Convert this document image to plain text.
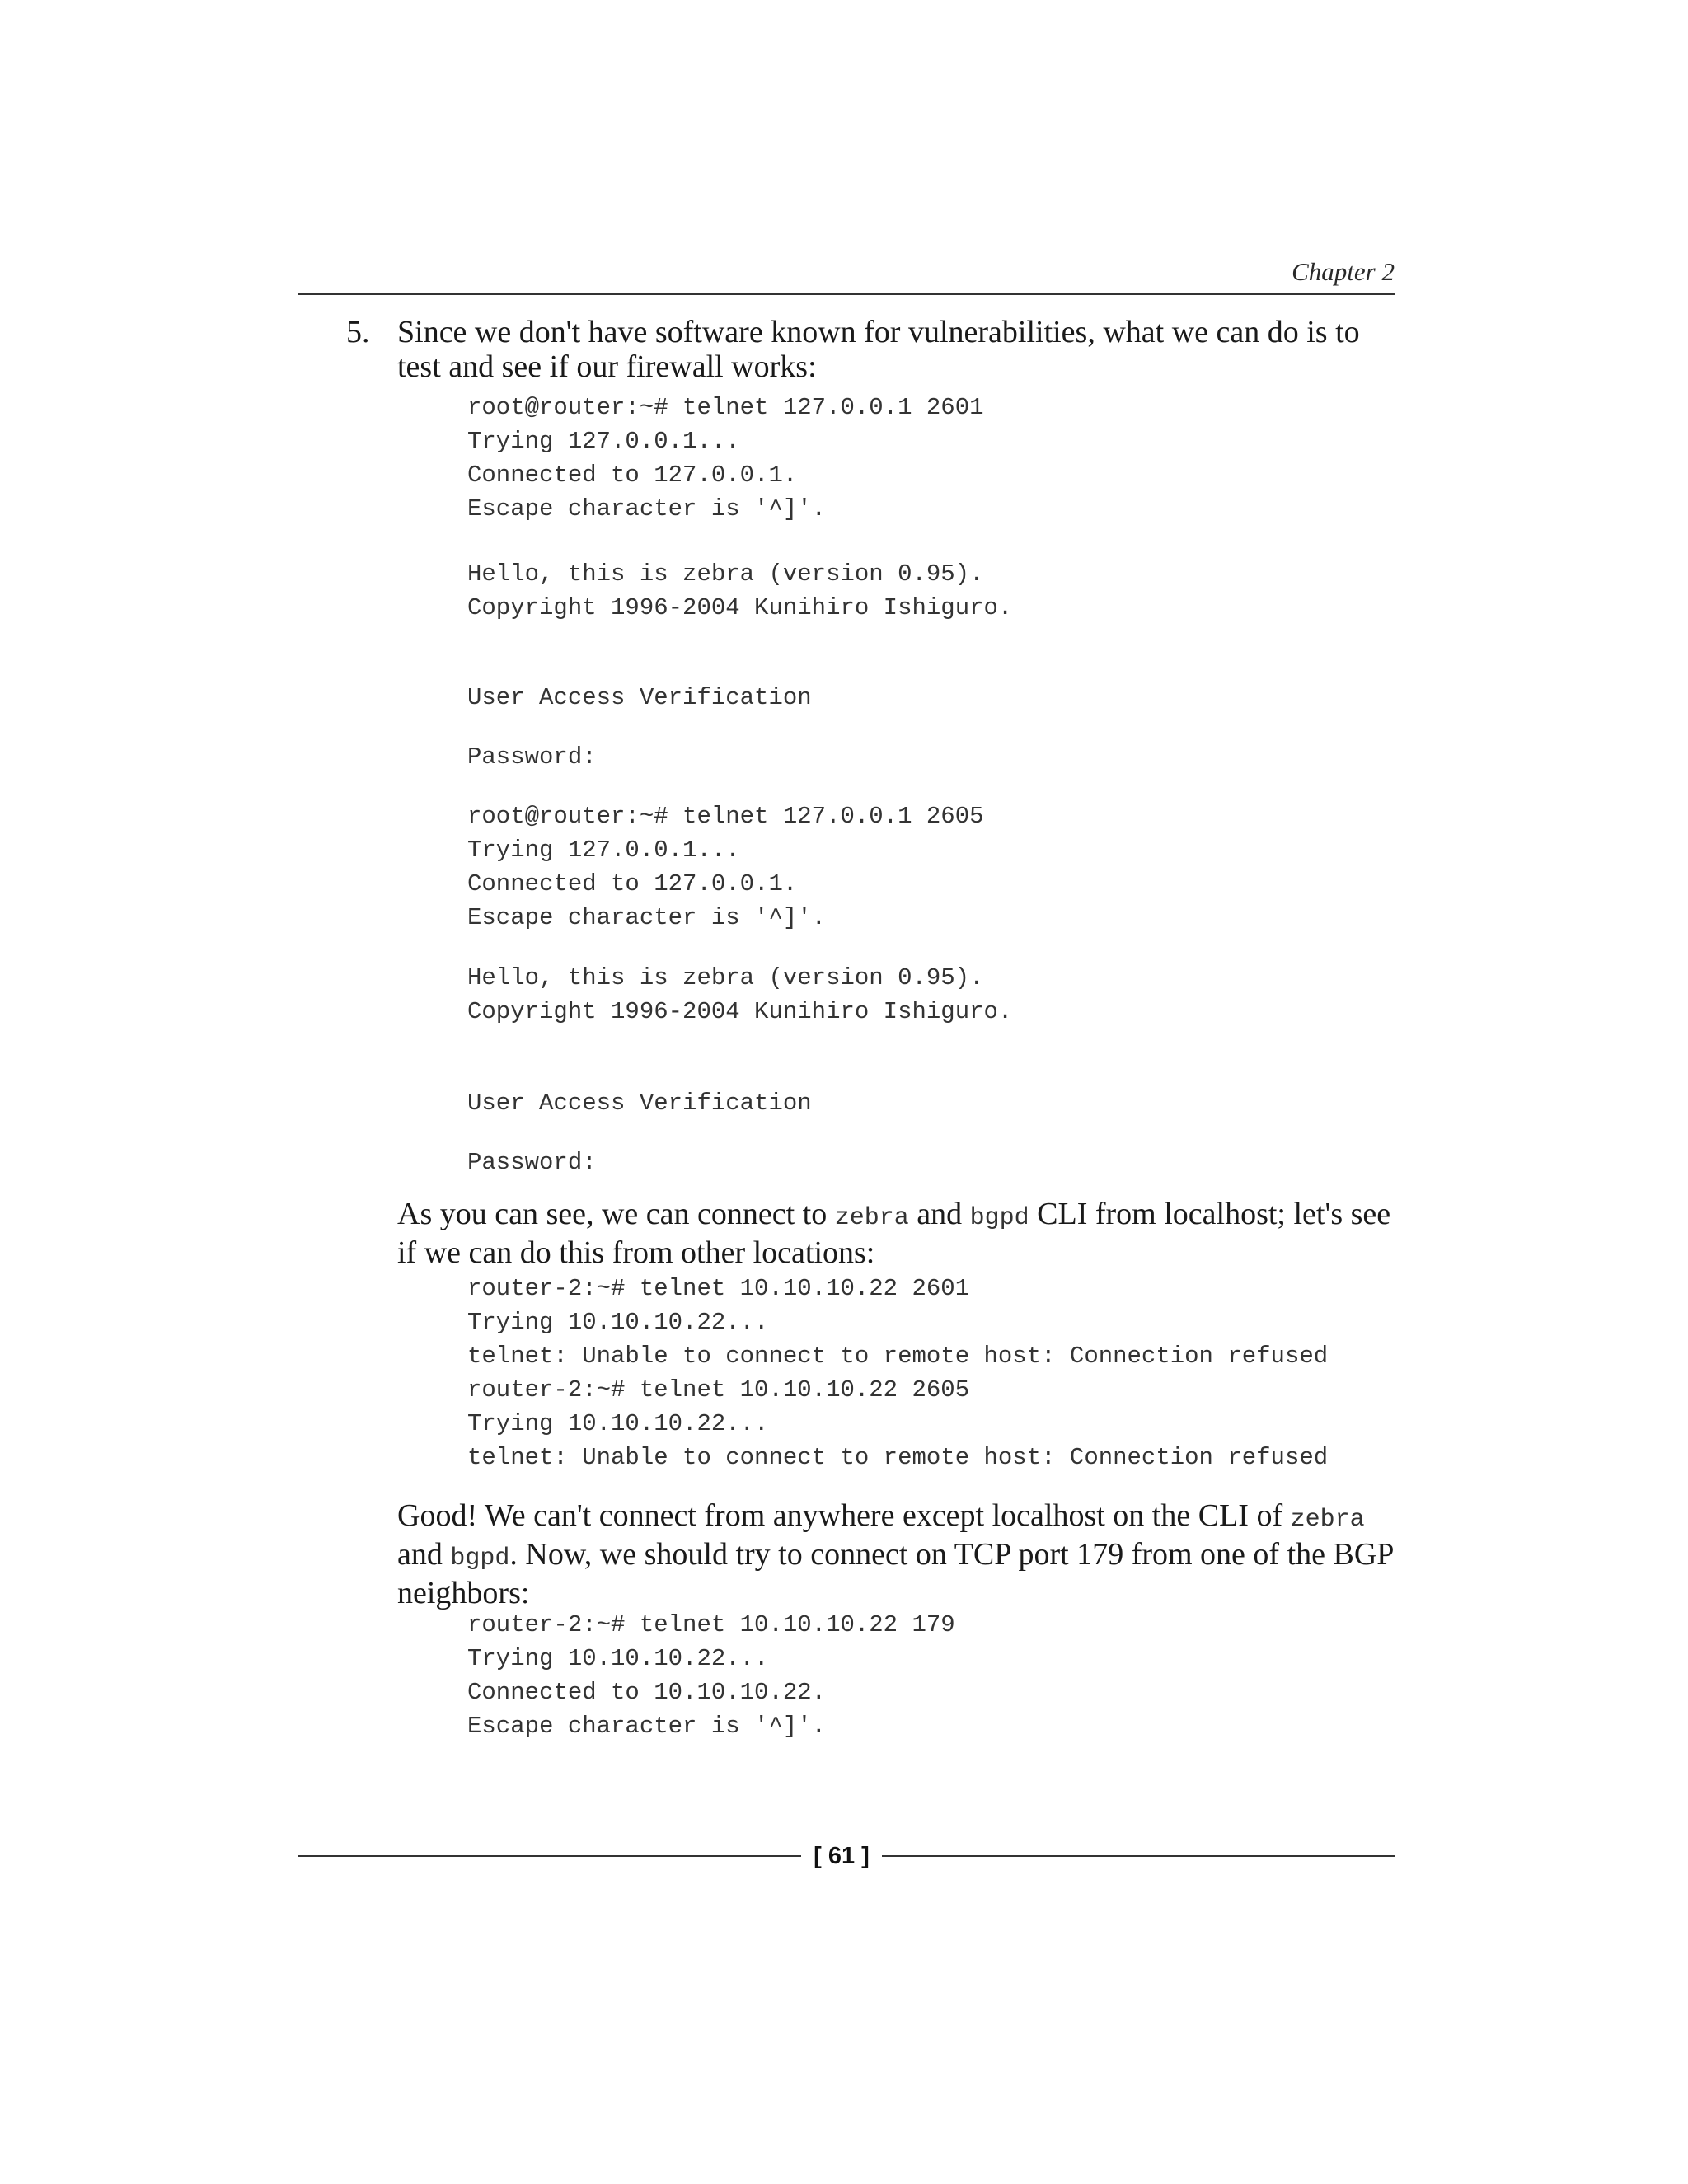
Chapter 2
5. Since we don't have software known for vulnerabilities, what we can do is to test and see if our firewall works:

root@router:~# telnet 127.0.0.1 2601
Trying 127.0.0.1...
Connected to 127.0.0.1.
Escape character is '^]'.
Hello, this is zebra (version 0.95).
Copyright 1996-2004 Kunihiro Ishiguro.
User Access Verification
Password:
root@router:~# telnet 127.0.0.1 2605
Trying 127.0.0.1...
Connected to 127.0.0.1.
Escape character is '^]'.
Hello, this is zebra (version 0.95).
Copyright 1996-2004 Kunihiro Ishiguro.
User Access Verification
Password:

As you can see, we can connect to zebra and bgpd CLI from localhost; let's see if we can do this from other locations:

router-2:~# telnet 10.10.10.22 2601
Trying 10.10.10.22...
telnet: Unable to connect to remote host: Connection refused
router-2:~# telnet 10.10.10.22 2605
Trying 10.10.10.22...
telnet: Unable to connect to remote host: Connection refused

Good! We can't connect from anywhere except localhost on the CLI of zebra and bgpd. Now, we should try to connect on TCP port 179 from one of the BGP neighbors:

router-2:~# telnet 10.10.10.22 179
Trying 10.10.10.22...
Connected to 10.10.10.22.
Escape character is '^]'.
[ 61 ]
